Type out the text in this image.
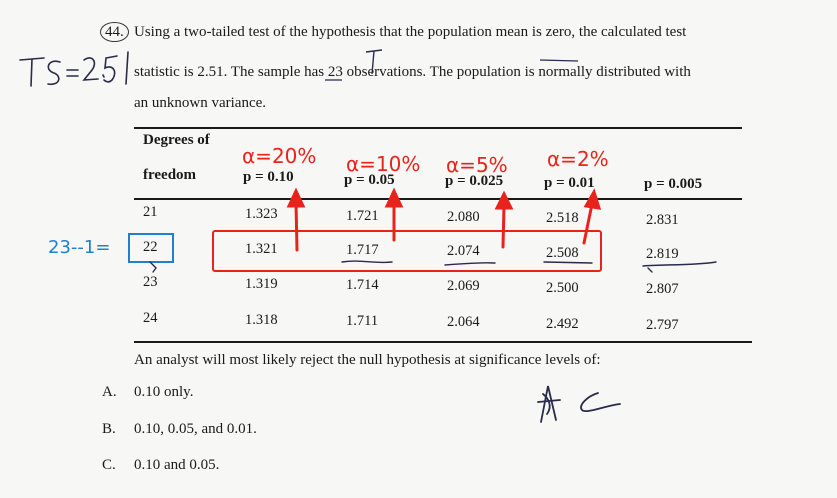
44. Using a two-tailed test of the hypothesis that the population mean is zero, the calculated test
statistic is 2.51. The sample has 23 observations. The population is normally distributed with
an unknown variance.
Degrees of
freedom	p = 0.10	p = 0.05	p = 0.025	p = 0.01	p = 0.005
21	1.323	1.721	2.080	2.518	2.831
22	1.321	1.717	2.074	2.508	2.819
23	1.319	1.714	2.069	2.500	2.807
24	1.318	1.711	2.064	2.492	2.797
An analyst will most likely reject the null hypothesis at significance levels of:
A. 0.10 only.
B. 0.10, 0.05, and 0.01.
C. 0.10 and 0.05.
α=20% α=10% α=5% α=2%
23--1=
